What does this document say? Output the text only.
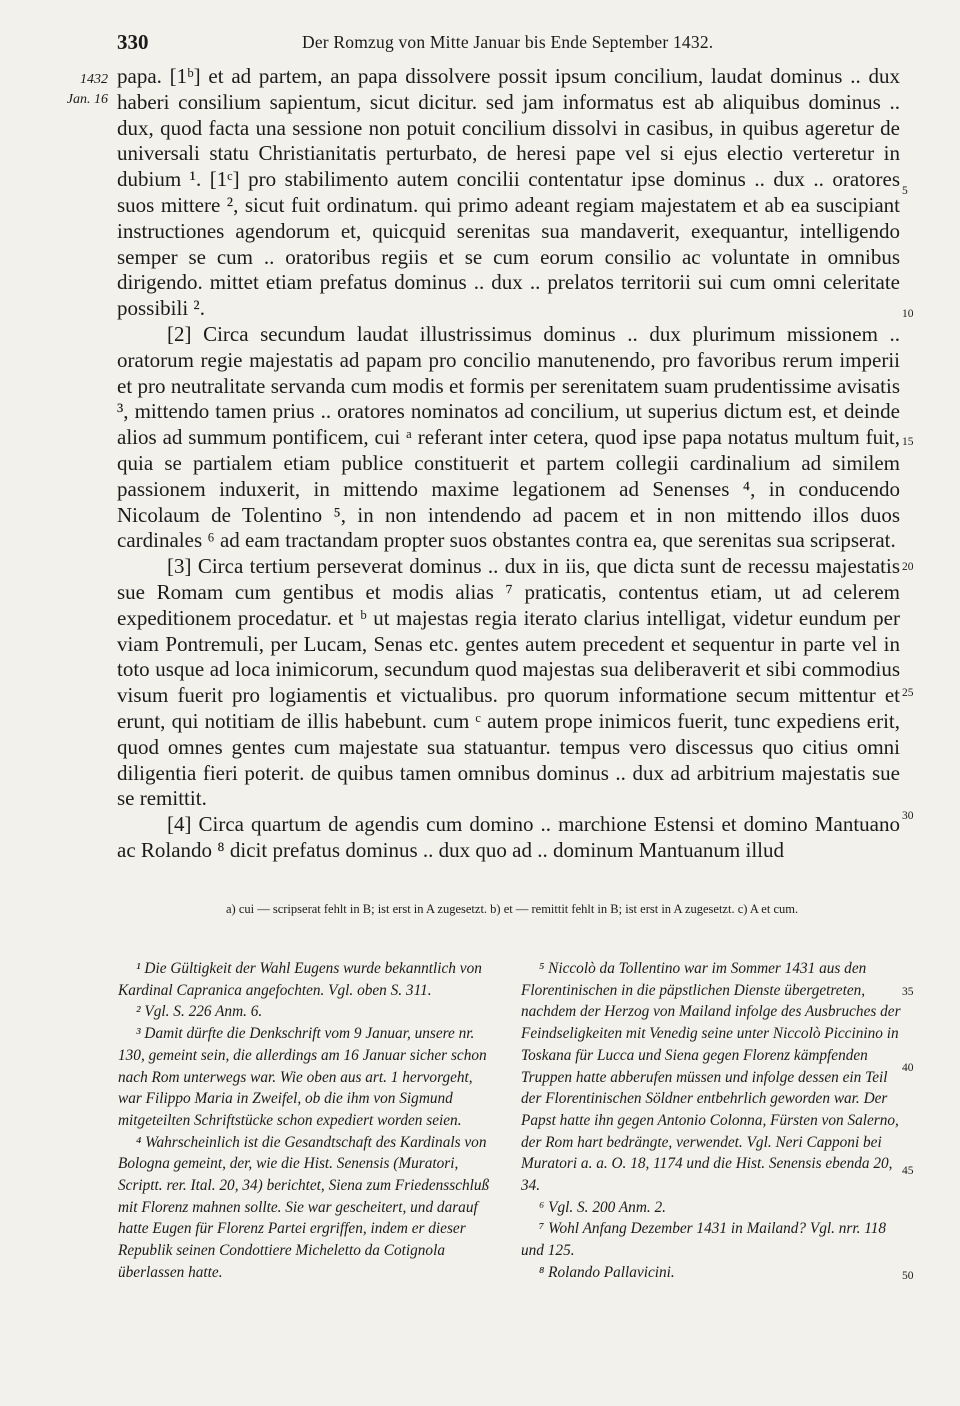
330	Der Romzug von Mitte Januar bis Ende September 1432.
1432
Jan. 16
5
10
15
20
25
30
35
40
45
50

papa. [1ᵇ] et ad partem, an papa dissolvere possit ipsum concilium, laudat dominus .. dux haberi consilium sapientum, sicut dicitur. sed jam informatus est ab aliquibus dominus .. dux, quod facta una sessione non potuit concilium dissolvi in casibus, in quibus ageretur de universali statu Christianitatis perturbato, de heresi pape vel si ejus electio verteretur in dubium ¹. [1ᶜ] pro stabilimento autem concilii contentatur ipse dominus .. dux .. oratores suos mittere ², sicut fuit ordinatum. qui primo adeant regiam majestatem et ab ea suscipiant instructiones agendorum et, quicquid serenitas sua mandaverit, exequantur, intelligendo semper se cum .. oratoribus regiis et se cum eorum consilio ac voluntate in omnibus dirigendo. mittet etiam prefatus dominus .. dux .. prelatos territorii sui cum omni celeritate possibili ².

[2] Circa secundum laudat illustrissimus dominus .. dux plurimum missionem .. oratorum regie majestatis ad papam pro concilio manutenendo, pro favoribus rerum imperii et pro neutralitate servanda cum modis et formis per serenitatem suam prudentissime avisatis ³, mittendo tamen prius .. oratores nominatos ad concilium, ut superius dictum est, et deinde alios ad summum pontificem, cui ᵃ referant inter cetera, quod ipse papa notatus multum fuit, quia se partialem etiam publice constituerit et partem collegii cardinalium ad similem passionem induxerit, in mittendo maxime legationem ad Senenses ⁴, in conducendo Nicolaum de Tolentino ⁵, in non intendendo ad pacem et in non mittendo illos duos cardinales ⁶ ad eam tractandam propter suos obstantes contra ea, que serenitas sua scripserat.

[3] Circa tertium perseverat dominus .. dux in iis, que dicta sunt de recessu majestatis sue Romam cum gentibus et modis alias ⁷ praticatis, contentus etiam, ut ad celerem expeditionem procedatur. et ᵇ ut majestas regia iterato clarius intelligat, videtur eundum per viam Pontremuli, per Lucam, Senas etc. gentes autem precedent et sequentur in parte vel in toto usque ad loca inimicorum, secundum quod majestas sua deliberaverit et sibi commodius visum fuerit pro logiamentis et victualibus. pro quorum informatione secum mittentur et erunt, qui notitiam de illis habebunt. cum ᶜ autem prope inimicos fuerit, tunc expediens erit, quod omnes gentes cum majestate sua statuantur. tempus vero discessus quo citius omni diligentia fieri poterit. de quibus tamen omnibus dominus .. dux ad arbitrium majestatis sue se remittit.

[4] Circa quartum de agendis cum domino .. marchione Estensi et domino Mantuano ac Rolando ⁸ dicit prefatus dominus .. dux quo ad .. dominum Mantuanum illud

a) cui — scripserat fehlt in B; ist erst in A zugesetzt. b) et — remittit fehlt in B; ist erst in A zugesetzt. c) A et cum.

¹ Die Gültigkeit der Wahl Eugens wurde bekanntlich von Kardinal Capranica angefochten. Vgl. oben S. 311.

² Vgl. S. 226 Anm. 6.

³ Damit dürfte die Denkschrift vom 9 Januar, unsere nr. 130, gemeint sein, die allerdings am 16 Januar sicher schon nach Rom unterwegs war. Wie oben aus art. 1 hervorgeht, war Filippo Maria in Zweifel, ob die ihm von Sigmund mitgeteilten Schriftstücke schon expediert worden seien.

⁴ Wahrscheinlich ist die Gesandtschaft des Kardinals von Bologna gemeint, der, wie die Hist. Senensis (Muratori, Scriptt. rer. Ital. 20, 34) berichtet, Siena zum Friedensschluß mit Florenz mahnen sollte. Sie war gescheitert, und darauf hatte Eugen für Florenz Partei ergriffen, indem er dieser Republik seinen Condottiere Micheletto da Cotignola überlassen hatte.

⁵ Niccolò da Tollentino war im Sommer 1431 aus den Florentinischen in die päpstlichen Dienste übergetreten, nachdem der Herzog von Mailand infolge des Ausbruches der Feindseligkeiten mit Venedig seine unter Niccolò Piccinino in Toskana für Lucca und Siena gegen Florenz kämpfenden Truppen hatte abberufen müssen und infolge dessen ein Teil der Florentinischen Söldner entbehrlich geworden war. Der Papst hatte ihn gegen Antonio Colonna, Fürsten von Salerno, der Rom hart bedrängte, verwendet. Vgl. Neri Capponi bei Muratori a. a. O. 18, 1174 und die Hist. Senensis ebenda 20, 34.

⁶ Vgl. S. 200 Anm. 2.

⁷ Wohl Anfang Dezember 1431 in Mailand? Vgl. nrr. 118 und 125.

⁸ Rolando Pallavicini.
